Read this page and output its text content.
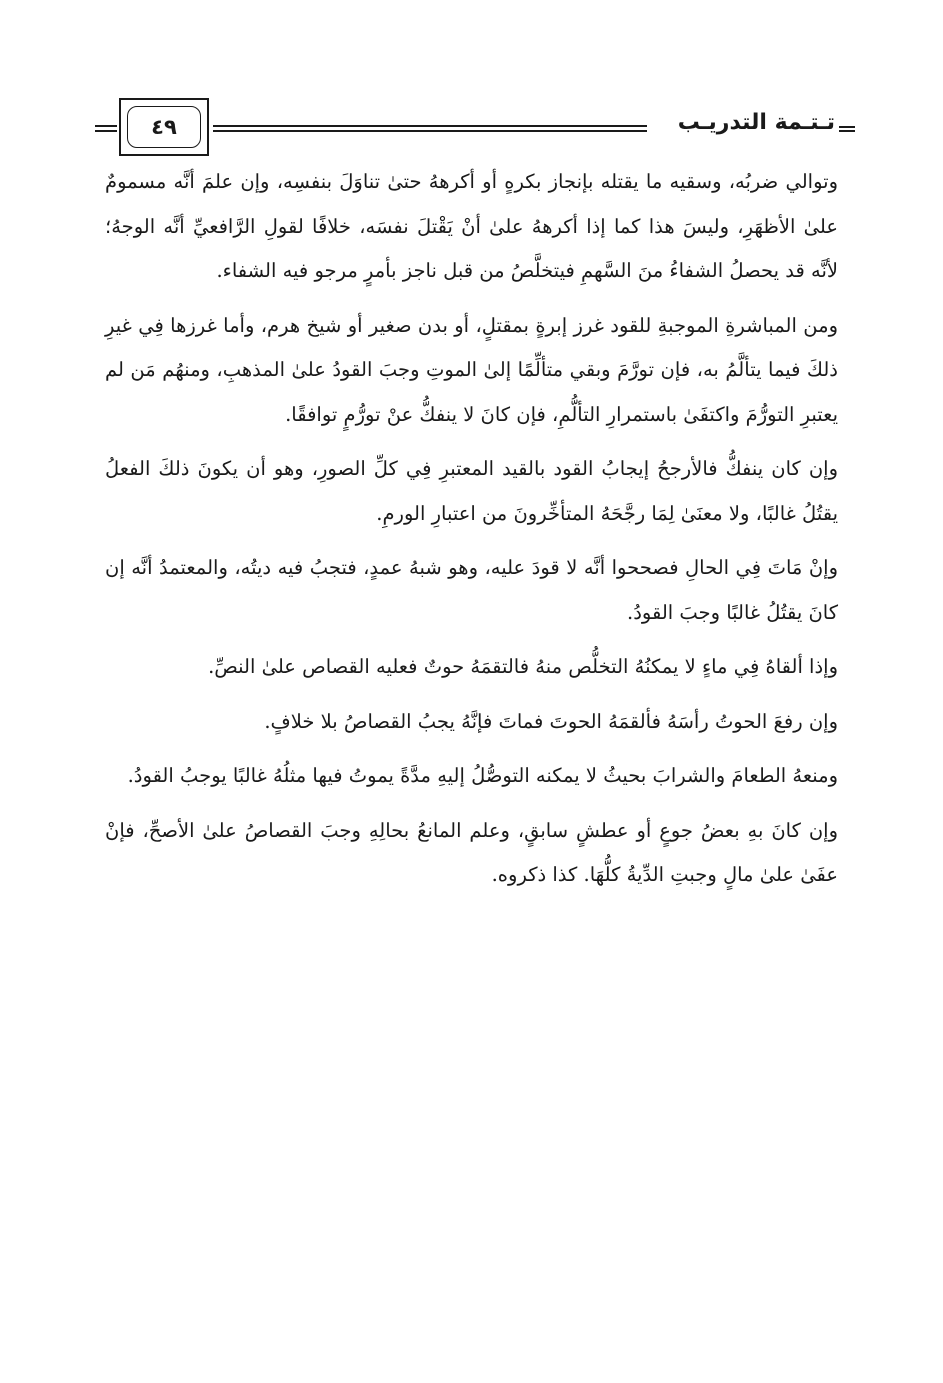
تـتـمة التدريـب
٤٩

وتوالي ضربُه، وسقيه ما يقتله بإنجاز بكرهٍ أو أكرههُ حتىٰ تناوَلَ بنفسِه، وإن علمَ أنَّه مسمومٌ علىٰ الأظهَرِ، وليسَ هذا كما إذا أكرههُ علىٰ أنْ يَقْتلَ نفسَه، خلافًا لقولِ الرَّافعيِّ أنَّه الوجهُ؛ لأنَّه قد يحصلُ الشفاءُ منَ السَّهمِ فيتخلَّصُ من قبل ناجز بأمرٍ مرجو فيه الشفاء.

ومن المباشرةِ الموجبةِ للقود غرز إبرةٍ بمقتلٍ، أو بدن صغير أو شيخ هرم، وأما غرزها فِي غيرِ ذلكَ فيما يتألَّمُ به، فإن تورَّمَ وبقي متألِّمًا إلىٰ الموتِ وجبَ القودُ علىٰ المذهبِ، ومنهُم مَن لم يعتبرِ التورُّمَ واكتفَىٰ باستمرارِ التألُّمِ، فإن كانَ لا ينفكُّ عنْ تورُّمٍ توافقًا.

وإن كان ينفكُّ فالأرجحُ إيجابُ القود بالقيد المعتبرِ فِي كلِّ الصورِ، وهو أن يكونَ ذلكَ الفعلُ يقتُلُ غالبًا، ولا معنَىٰ لِمَا رجَّحَهُ المتأخِّرونَ من اعتبارِ الورمِ.

وإنْ مَاتَ فِي الحالِ فصححوا أنَّه لا قودَ عليه، وهو شبهُ عمدٍ، فتجبُ فيه ديتُه، والمعتمدُ أنَّه إن كانَ يقتُلُ غالبًا وجبَ القودُ.

وإذا ألقاهُ فِي ماءٍ لا يمكنُهُ التخلُّص منهُ فالتقمَهُ حوتٌ فعليه القصاص علىٰ النصِّ.

وإن رفعَ الحوتُ رأسَهُ فألقمَهُ الحوتَ فماتَ فإنَّهُ يجبُ القصاصُ بلا خلافٍ.

ومنعهُ الطعامَ والشرابَ بحيثُ لا يمكنه التوصُّلُ إليهِ مدَّةً يموتُ فيها مثلُهُ غالبًا يوجبُ القودُ.

وإن كانَ بهِ بعضُ جوعٍ أو عطشٍ سابقٍ، وعلم المانعُ بحالِهِ وجبَ القصاصُ علىٰ الأصحِّ، فإنْ عفَىٰ علىٰ مالٍ وجبتِ الدِّيةُ كلُّهَا. كذا ذكروه.
